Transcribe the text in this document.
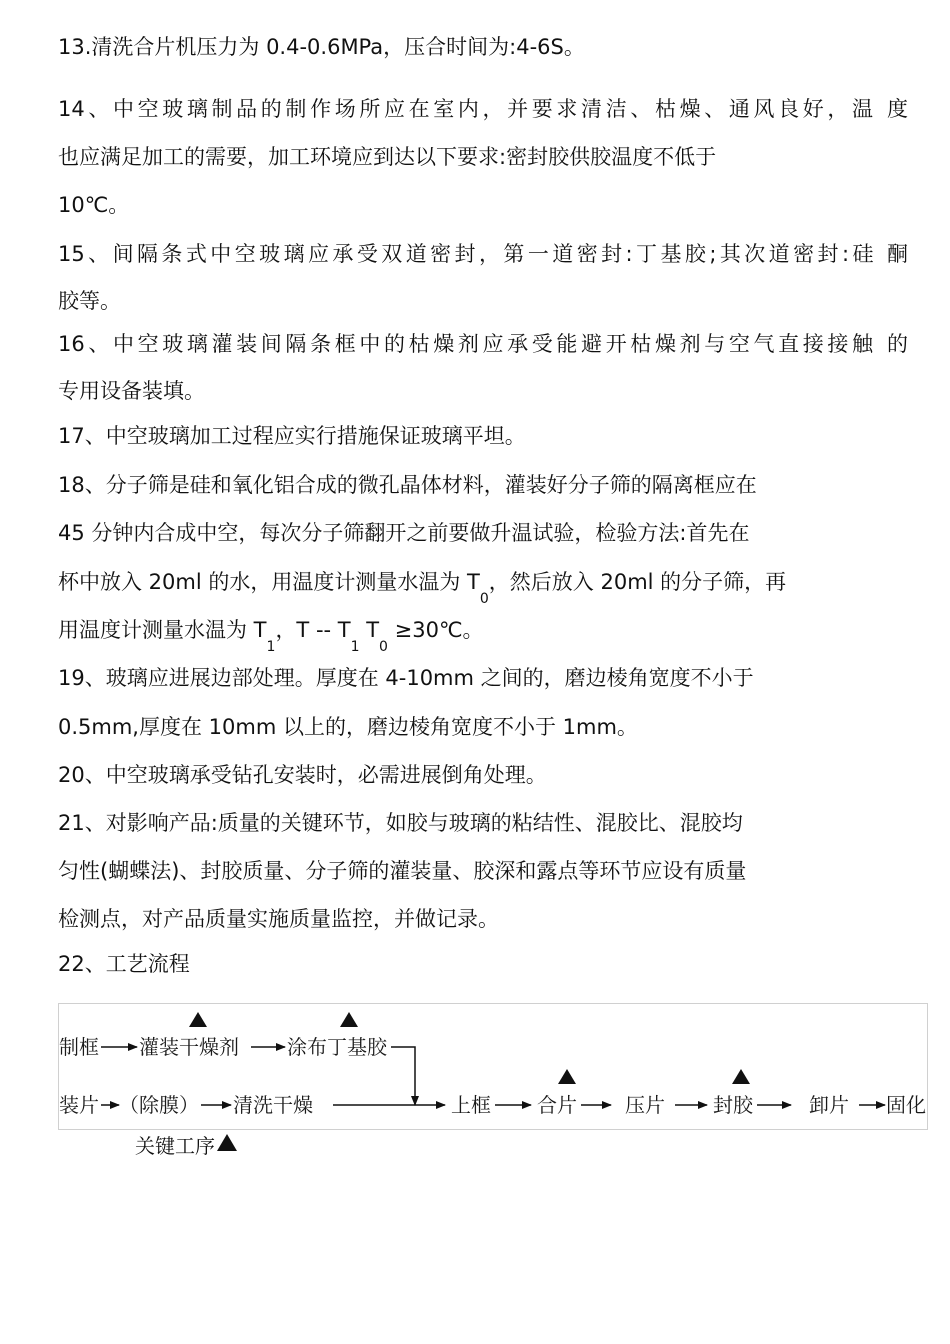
13.清洗合片机压力为 0.4-0.6MPa，压合时间为:4-6S。
14、中空玻璃制品的制作场所应在室内，并要求清洁、枯燥、通风良好，温 度
也应满足加工的需要，加工环境应到达以下要求:密封胶供胶温度不低于
10℃。
15、间隔条式中空玻璃应承受双道密封，第一道密封:丁基胶;其次道密封:硅 酮
胶等。
16、中空玻璃灌装间隔条框中的枯燥剂应承受能避开枯燥剂与空气直接接触 的
专用设备装填。
17、中空玻璃加工过程应实行措施保证玻璃平坦。
18、分子筛是硅和氧化铝合成的微孔晶体材料，灌装好分子筛的隔离框应在
45 分钟内合成中空，每次分子筛翻开之前要做升温试验，检验方法:首先在
杯中放入 20ml 的水，用温度计测量水温为 $T_0$，然后放入 20ml 的分子筛，再
用温度计测量水温为 $T_1$，T -- $T_1$ $T_0$ ≥30℃。
19、玻璃应进展边部处理。厚度在 4-10mm 之间的，磨边棱角宽度不小于
0.5mm,厚度在 10mm 以上的，磨边棱角宽度不小于 1mm。
20、中空玻璃承受钻孔安装时，必需进展倒角处理。
21、对影响产品:质量的关键环节，如胶与玻璃的粘结性、混胶比、混胶均
匀性(蝴蝶法)、封胶质量、分子筛的灌装量、胶深和露点等环节应设有质量
检测点，对产品质量实施质量监控，并做记录。
22、工艺流程
制框 灌装干燥剂 涂布丁基胶
装片 （除膜） 清洗干燥	上框 合片 压片 封胶	卸片 固化
关键工序
